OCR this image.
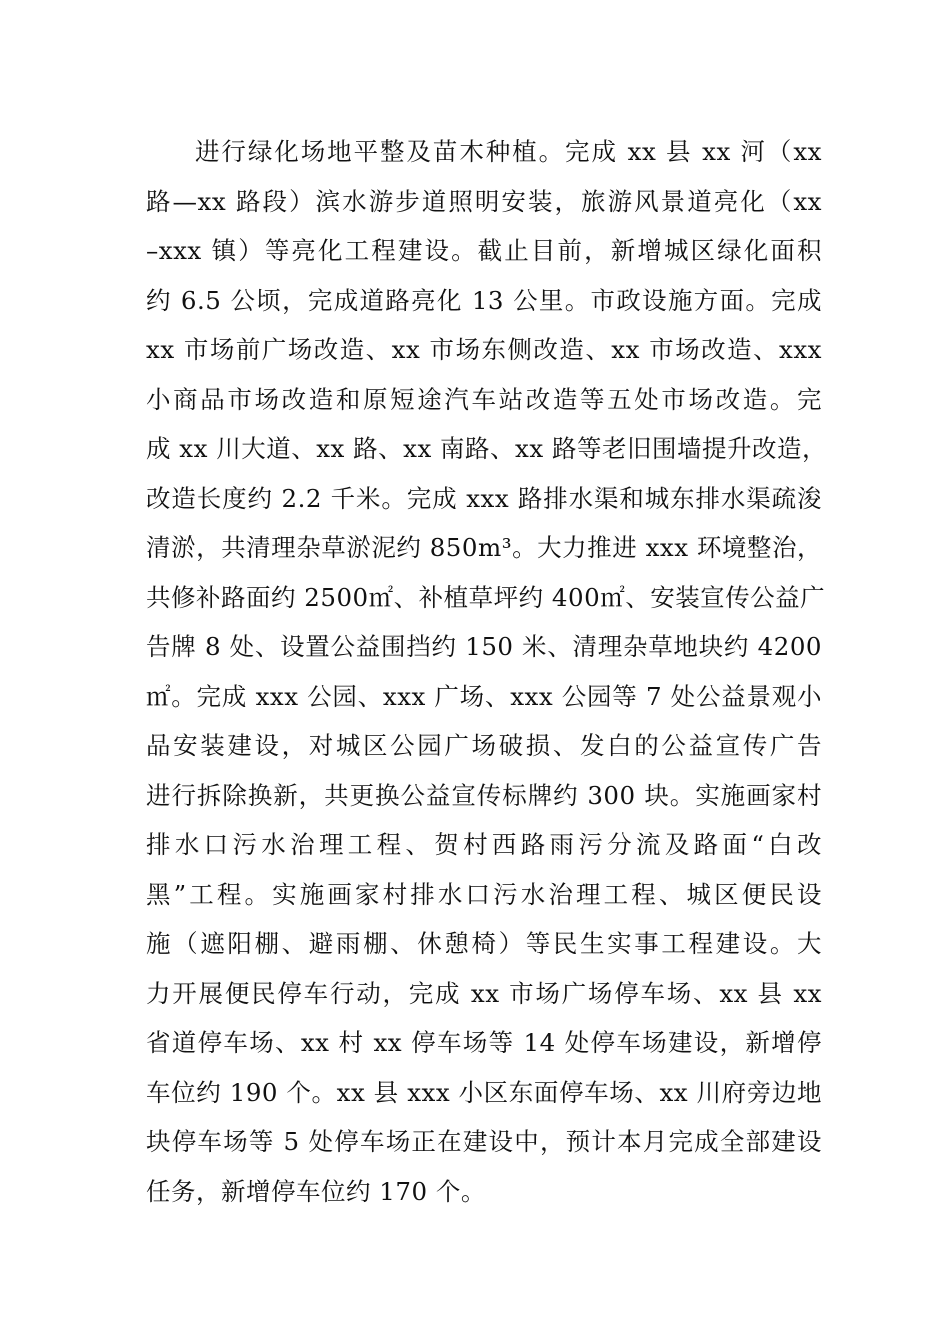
进行绿化场地平整及苗木种植。完成 xx 县 xx 河（xx
路—xx 路段）滨水游步道照明安装，旅游风景道亮化（xx
–xxx 镇）等亮化工程建设。截止目前，新增城区绿化面积
约 6.5 公顷，完成道路亮化 13 公里。市政设施方面。完成
xx 市场前广场改造、xx 市场东侧改造、xx 市场改造、xxx
小商品市场改造和原短途汽车站改造等五处市场改造。完
成 xx 川大道、xx 路、xx 南路、xx 路等老旧围墙提升改造，
改造长度约 2.2 千米。完成 xxx 路排水渠和城东排水渠疏浚
清淤，共清理杂草淤泥约 850m³。大力推进 xxx 环境整治，
共修补路面约 2500㎡、补植草坪约 400㎡、安装宣传公益广
告牌 8 处、设置公益围挡约 150 米、清理杂草地块约 4200
㎡。完成 xxx 公园、xxx 广场、xxx 公园等 7 处公益景观小
品安装建设，对城区公园广场破损、发白的公益宣传广告
进行拆除换新，共更换公益宣传标牌约 300 块。实施画家村
排水口污水治理工程、贺村西路雨污分流及路面“白改
黑”工程。实施画家村排水口污水治理工程、城区便民设
施（遮阳棚、避雨棚、休憩椅）等民生实事工程建设。大
力开展便民停车行动，完成 xx 市场广场停车场、xx 县 xx
省道停车场、xx 村 xx 停车场等 14 处停车场建设，新增停
车位约 190 个。xx 县 xxx 小区东面停车场、xx 川府旁边地
块停车场等 5 处停车场正在建设中，预计本月完成全部建设
任务，新增停车位约 170 个。
